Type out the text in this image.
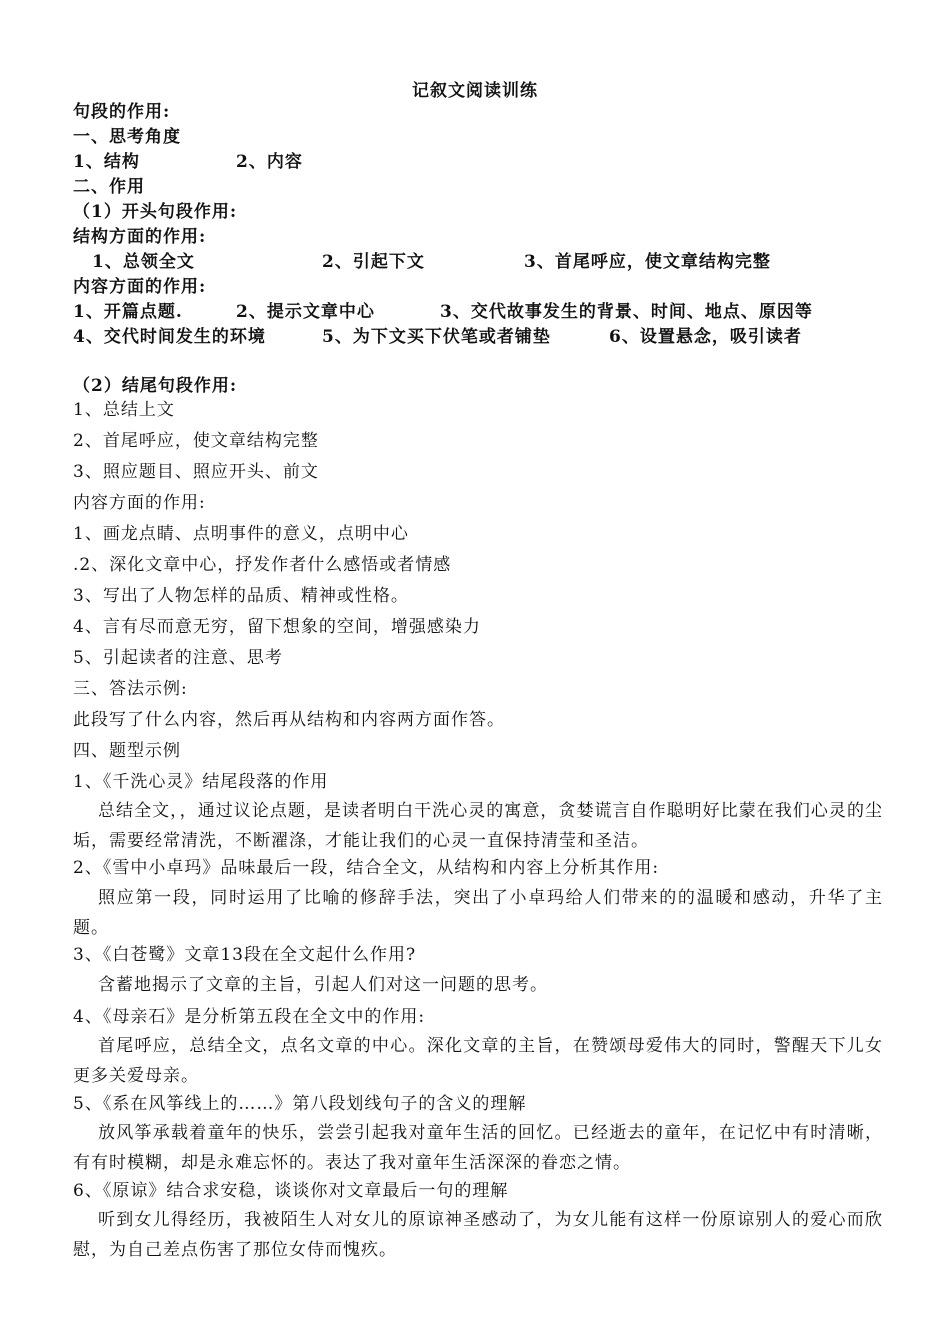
记叙文阅读训练
句段的作用:
一、思考角度
1、结构	2、内容
二、作用
（1）开头句段作用:
结构方面的作用:
1、总领全文	2、引起下文	3、首尾呼应，使文章结构完整
内容方面的作用:
1、开篇点题.	2、提示文章中心	3、交代故事发生的背景、时间、地点、原因等
4、交代时间发生的环境	5、为下文买下伏笔或者铺垫	6、设置悬念，吸引读者
（2）结尾句段作用:
1、总结上文
2、首尾呼应，使文章结构完整
3、照应题目、照应开头、前文
内容方面的作用:
1、画龙点睛、点明事件的意义，点明中心
.2、深化文章中心，抒发作者什么感悟或者情感
3、写出了人物怎样的品质、精神或性格。
4、言有尽而意无穷，留下想象的空间，增强感染力
5、引起读者的注意、思考
三、答法示例:
此段写了什么内容，然后再从结构和内容两方面作答。
四、题型示例
1、《千洗心灵》结尾段落的作用
总结全文，，通过议论点题，是读者明白干洗心灵的寓意，贪婪谎言自作聪明好比蒙在我们心灵的尘垢，需要经常清洗，不断濯涤，才能让我们的心灵一直保持清莹和圣洁。
2、《雪中小卓玛》品味最后一段，结合全文，从结构和内容上分析其作用:
照应第一段，同时运用了比喻的修辞手法，突出了小卓玛给人们带来的的温暖和感动，升华了主题。
3、《白苍鹭》文章13段在全文起什么作用?
含蓄地揭示了文章的主旨，引起人们对这一问题的思考。
4、《母亲石》是分析第五段在全文中的作用:
首尾呼应，总结全文，点名文章的中心。深化文章的主旨，在赞颂母爱伟大的同时，警醒天下儿女更多关爱母亲。
5、《系在风筝线上的……》第八段划线句子的含义的理解
放风筝承载着童年的快乐，尝尝引起我对童年生活的回忆。已经逝去的童年，在记忆中有时清晰，有有时模糊，却是永难忘怀的。表达了我对童年生活深深的眷恋之情。
6、《原谅》结合求安稳，谈谈你对文章最后一句的理解
听到女儿得经历，我被陌生人对女儿的原谅神圣感动了，为女儿能有这样一份原谅别人的爱心而欣慰，为自己差点伤害了那位女侍而愧疚。
